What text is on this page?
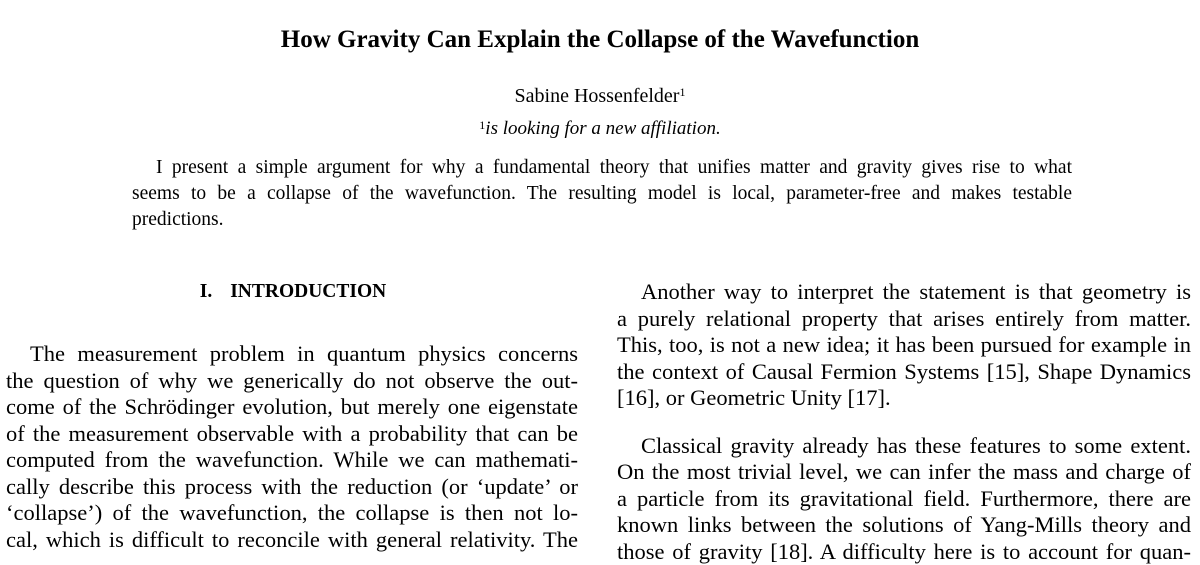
How Gravity Can Explain the Collapse of the Wavefunction
Sabine Hossenfelder$^1$
$^1$is looking for a new affiliation.
I present a simple argument for why a fundamental theory that unifies matter and gravity gives rise to what
seems to be a collapse of the wavefunction. The resulting model is local, parameter-free and makes testable
predictions.
I. INTRODUCTION
The measurement problem in quantum physics concerns
the question of why we generically do not observe the out-
come of the Schrödinger evolution, but merely one eigenstate
of the measurement observable with a probability that can be
computed from the wavefunction. While we can mathemati-
cally describe this process with the reduction (or ‘update’ or
‘collapse’) of the wavefunction, the collapse is then not lo-
cal, which is difficult to reconcile with general relativity. The
Another way to interpret the statement is that geometry is
a purely relational property that arises entirely from matter.
This, too, is not a new idea; it has been pursued for example in
the context of Causal Fermion Systems [15], Shape Dynamics
[16], or Geometric Unity [17].
Classical gravity already has these features to some extent.
On the most trivial level, we can infer the mass and charge of
a particle from its gravitational field. Furthermore, there are
known links between the solutions of Yang-Mills theory and
those of gravity [18]. A difficulty here is to account for quan-
